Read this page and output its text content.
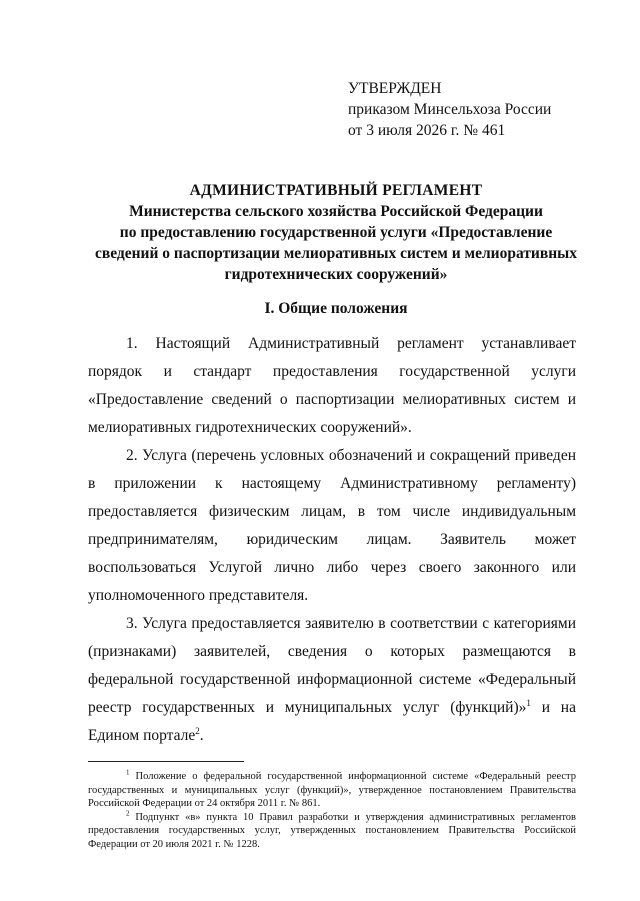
УТВЕРЖДЕН
приказом Минсельхоза России
от 3 июля 2026 г. № 461
АДМИНИСТРАТИВНЫЙ РЕГЛАМЕНТ
Министерства сельского хозяйства Российской Федерации
по предоставлению государственной услуги «Предоставление
сведений о паспортизации мелиоративных систем и мелиоративных
гидротехнических сооружений»
I. Общие положения

1. Настоящий Административный регламент устанавливает порядок и стандарт предоставления государственной услуги «Предоставление сведений о паспортизации мелиоративных систем и мелиоративных гидротехнических сооружений».

2. Услуга (перечень условных обозначений и сокращений приведен в приложении к настоящему Административному регламенту) предоставляется физическим лицам, в том числе индивидуальным предпринимателям, юридическим лицам. Заявитель может воспользоваться Услугой лично либо через своего законного или уполномоченного представителя.

3. Услуга предоставляется заявителю в соответствии с категориями (признаками) заявителей, сведения о которых размещаются в федеральной государственной информационной системе «Федеральный реестр государственных и муниципальных услуг (функций)»$^1$ и на Едином портале$^2$.

$^1$ Положение о федеральной государственной информационной системе «Федеральный реестр государственных и муниципальных услуг (функций)», утвержденное постановлением Правительства Российской Федерации от 24 октября 2011 г. № 861.

$^2$ Подпункт «в» пункта 10 Правил разработки и утверждения административных регламентов предоставления государственных услуг, утвержденных постановлением Правительства Российской Федерации от 20 июля 2021 г. № 1228.
